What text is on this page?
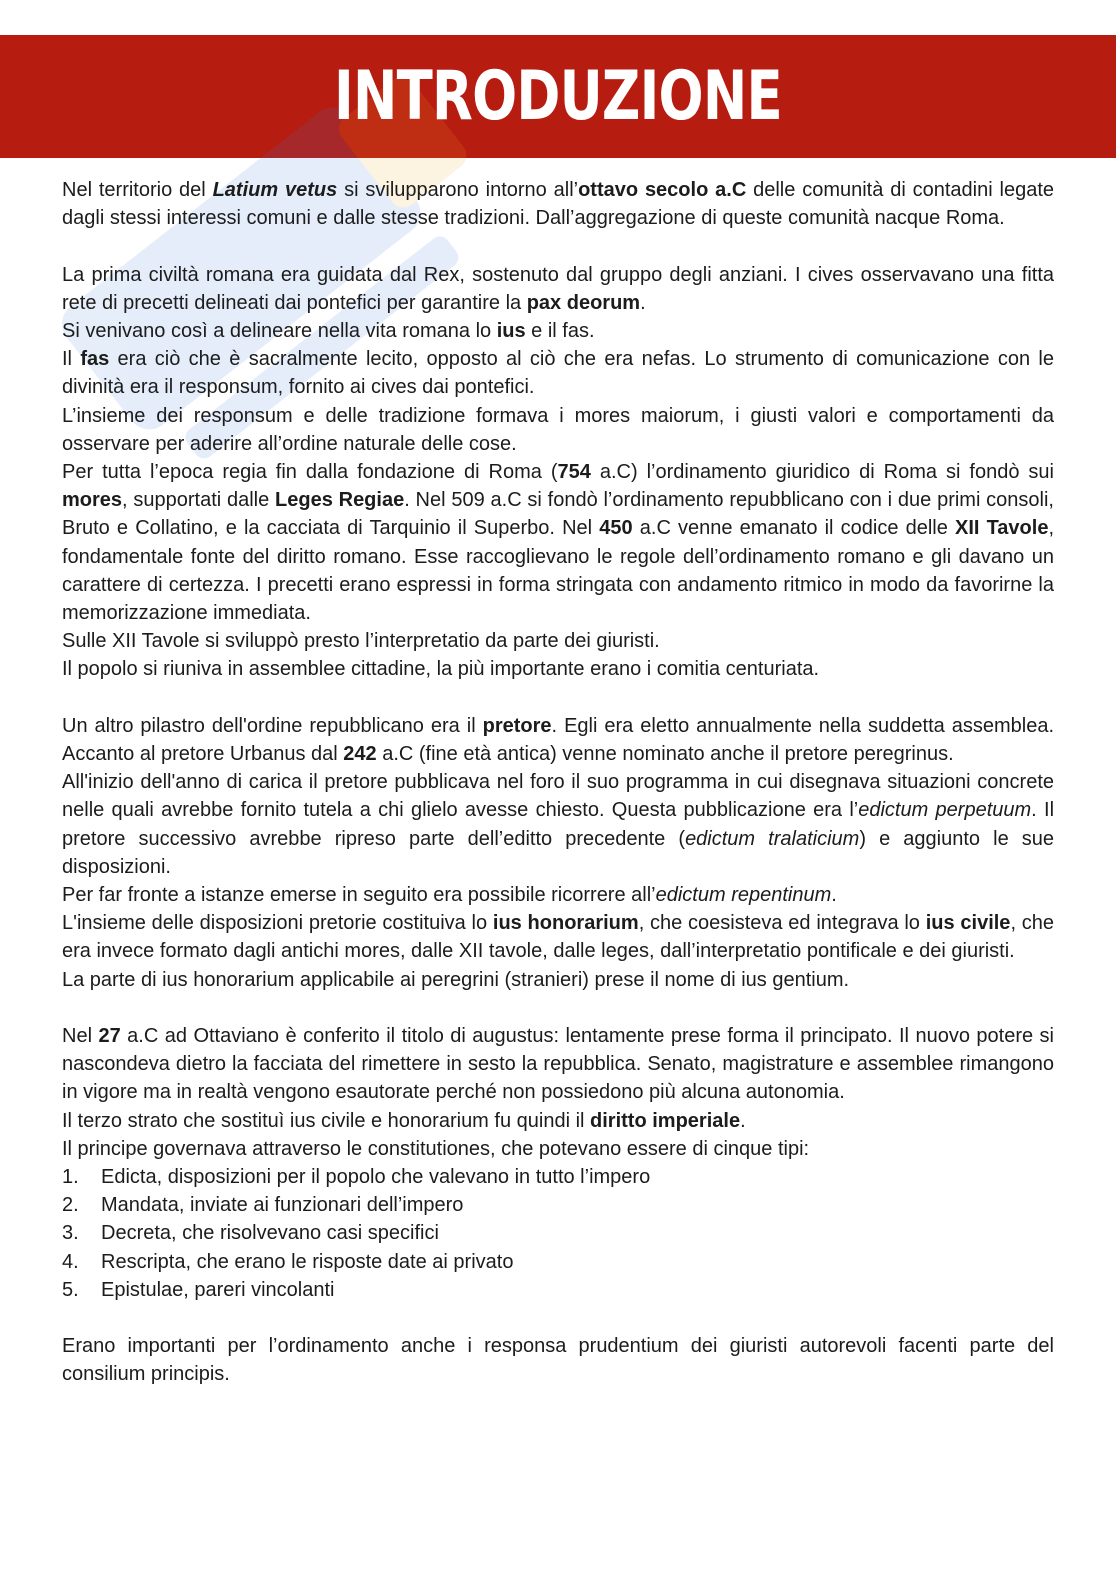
INTRODUZIONE

Nel territorio del Latium vetus si svilupparono intorno all’ottavo secolo a.C delle comunità di contadini legate dagli stessi interessi comuni e dalle stesse tradizioni. Dall’aggregazione di queste comunità nacque Roma.

La prima civiltà romana era guidata dal Rex, sostenuto dal gruppo degli anziani. I cives osservavano una fitta rete di precetti delineati dai pontefici per garantire la pax deorum.

Si venivano così a delineare nella vita romana lo ius e il fas.

Il fas era ciò che è sacralmente lecito, opposto al ciò che era nefas. Lo strumento di comunicazione con le divinità era il responsum, fornito ai cives dai pontefici.

L’insieme dei responsum e delle tradizione formava i mores maiorum, i giusti valori e comportamenti da osservare per aderire all’ordine naturale delle cose.

Per tutta l’epoca regia fin dalla fondazione di Roma (754 a.C) l’ordinamento giuridico di Roma si fondò sui mores, supportati dalle Leges Regiae. Nel 509 a.C si fondò l’ordinamento repubblicano con i due primi consoli, Bruto e Collatino, e la cacciata di Tarquinio il Superbo. Nel 450 a.C venne emanato il codice delle XII Tavole, fondamentale fonte del diritto romano. Esse raccoglievano le regole dell’ordinamento romano e gli davano un carattere di certezza. I precetti erano espressi in forma stringata con andamento ritmico in modo da favorirne la memorizzazione immediata.

Sulle XII Tavole si sviluppò presto l’interpretatio da parte dei giuristi.

Il popolo si riuniva in assemblee cittadine, la più importante erano i comitia centuriata.

Un altro pilastro dell'ordine repubblicano era il pretore. Egli era eletto annualmente nella suddetta assemblea. Accanto al pretore Urbanus dal 242 a.C (fine età antica) venne nominato anche il pretore peregrinus.

All'inizio dell'anno di carica il pretore pubblicava nel foro il suo programma in cui disegnava situazioni concrete nelle quali avrebbe fornito tutela a chi glielo avesse chiesto. Questa pubblicazione era l’edictum perpetuum. Il pretore successivo avrebbe ripreso parte dell’editto precedente (edictum tralaticium) e aggiunto le sue disposizioni.

Per far fronte a istanze emerse in seguito era possibile ricorrere all’edictum repentinum.

L'insieme delle disposizioni pretorie costituiva lo ius honorarium, che coesisteva ed integrava lo ius civile, che era invece formato dagli antichi mores, dalle XII tavole, dalle leges, dall’interpretatio pontificale e dei giuristi.

La parte di ius honorarium applicabile ai peregrini (stranieri) prese il nome di ius gentium.

Nel 27 a.C ad Ottaviano è conferito il titolo di augustus: lentamente prese forma il principato. Il nuovo potere si nascondeva dietro la facciata del rimettere in sesto la repubblica. Senato, magistrature e assemblee rimangono in vigore ma in realtà vengono esautorate perché non possiedono più alcuna autonomia.

Il terzo strato che sostituì ius civile e honorarium fu quindi il diritto imperiale.

Il principe governava attraverso le constitutiones, che potevano essere di cinque tipi:

1. Edicta, disposizioni per il popolo che valevano in tutto l’impero
2. Mandata, inviate ai funzionari dell’impero
3. Decreta, che risolvevano casi specifici
4. Rescripta, che erano le risposte date ai privato
5. Epistulae, pareri vincolanti

Erano importanti per l’ordinamento anche i responsa prudentium dei giuristi autorevoli facenti parte del consilium principis.
